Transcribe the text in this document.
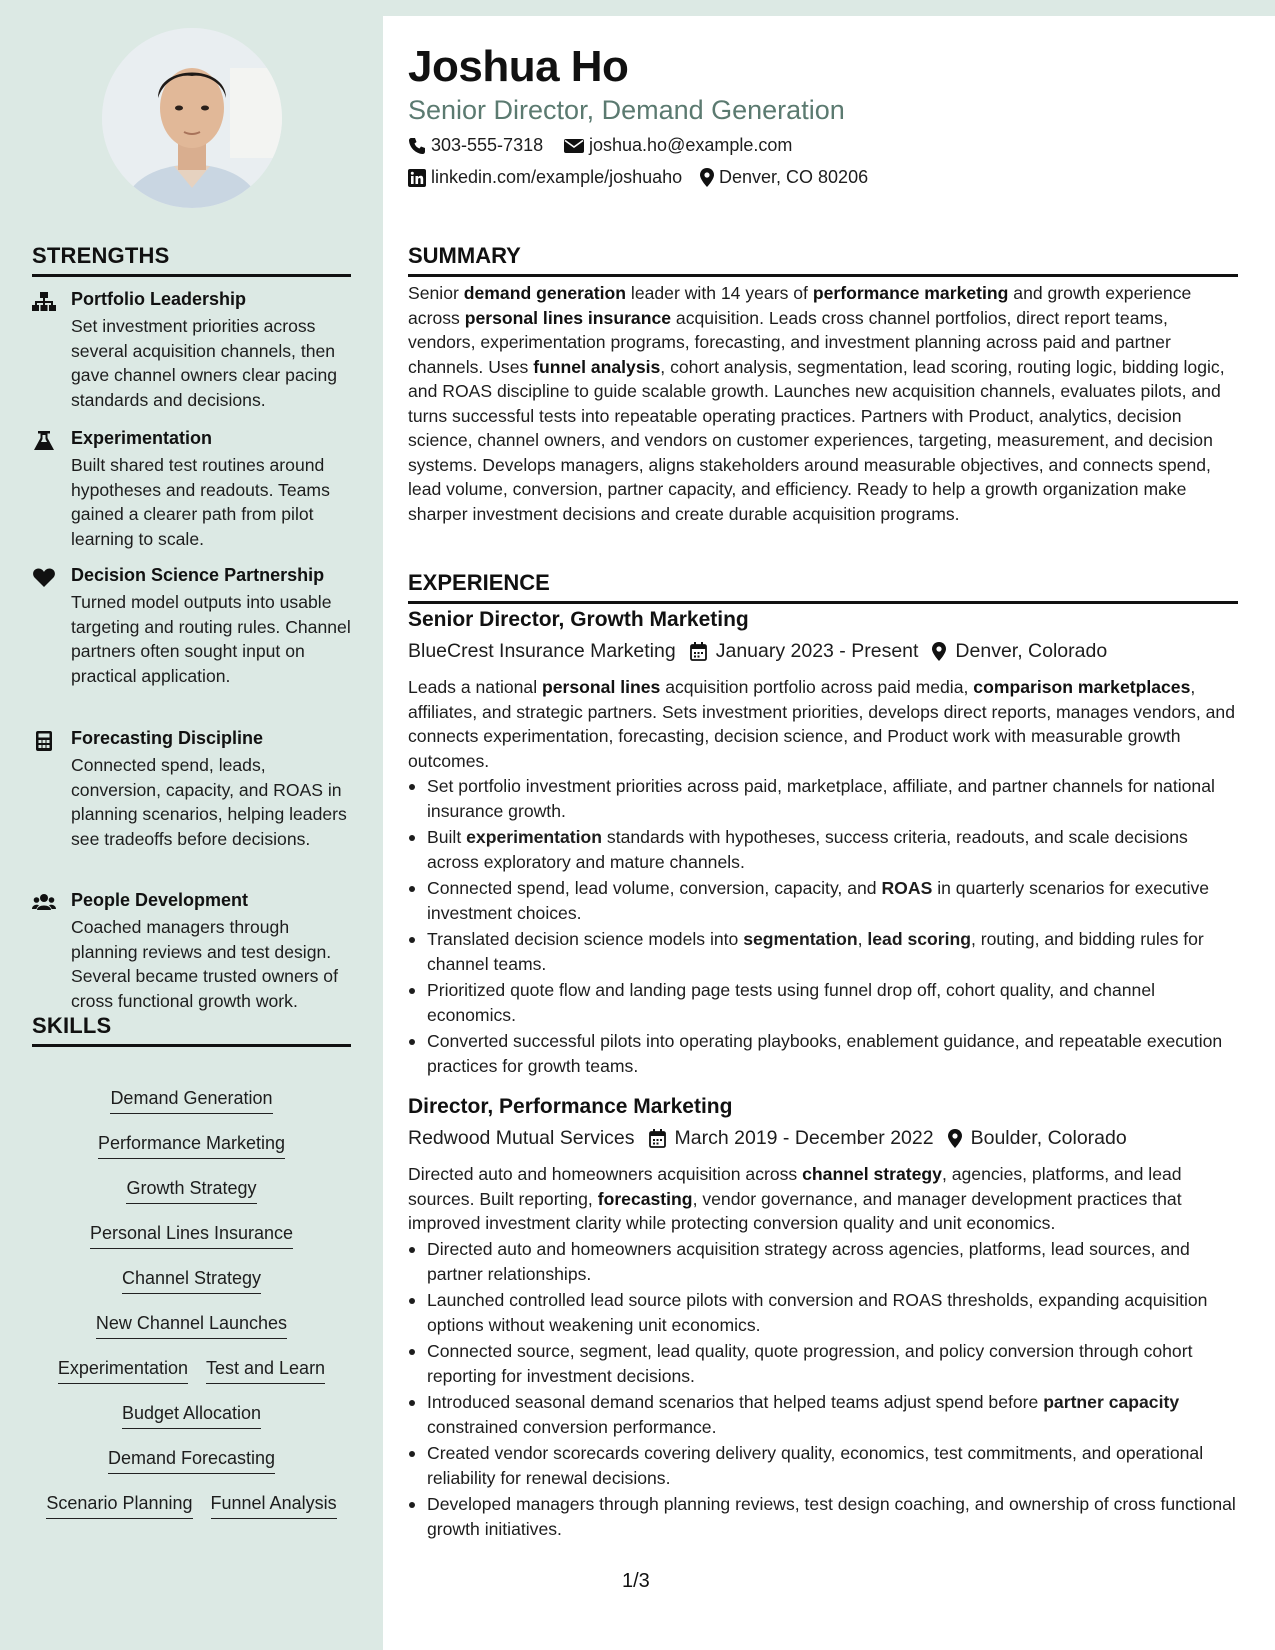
STRENGTHS
Portfolio Leadership
Set investment priorities across several acquisition channels, then gave channel owners clear pacing standards and decisions.
Experimentation
Built shared test routines around hypotheses and readouts. Teams gained a clearer path from pilot learning to scale.
Decision Science Partnership
Turned model outputs into usable targeting and routing rules. Channel partners often sought input on practical application.
Forecasting Discipline
Connected spend, leads, conversion, capacity, and ROAS in planning scenarios, helping leaders see tradeoffs before decisions.
People Development
Coached managers through planning reviews and test design. Several became trusted owners of cross functional growth work.
SKILLS
Demand Generation
Performance Marketing
Growth Strategy
Personal Lines Insurance
Channel Strategy
New Channel Launches
Experimentation Test and Learn
Budget Allocation
Demand Forecasting
Scenario Planning Funnel Analysis
Joshua Ho
Senior Director, Demand Generation
303-555-7318	joshua.ho@example.com
linkedin.com/example/joshuaho Denver, CO 80206
SUMMARY
Senior demand generation leader with 14 years of performance marketing and growth experience across personal lines insurance acquisition. Leads cross channel portfolios, direct report teams, vendors, experimentation programs, forecasting, and investment planning across paid and partner channels. Uses funnel analysis, cohort analysis, segmentation, lead scoring, routing logic, bidding logic, and ROAS discipline to guide scalable growth. Launches new acquisition channels, evaluates pilots, and turns successful tests into repeatable operating practices. Partners with Product, analytics, decision science, channel owners, and vendors on customer experiences, targeting, measurement, and decision systems. Develops managers, aligns stakeholders around measurable objectives, and connects spend, lead volume, conversion, partner capacity, and efficiency. Ready to help a growth organization make sharper investment decisions and create durable acquisition programs.
EXPERIENCE
Senior Director, Growth Marketing
BlueCrest Insurance Marketing January 2023 - Present Denver, Colorado
Leads a national personal lines acquisition portfolio across paid media, comparison marketplaces, affiliates, and strategic partners. Sets investment priorities, develops direct reports, manages vendors, and connects experimentation, forecasting, decision science, and Product work with measurable growth outcomes.
Set portfolio investment priorities across paid, marketplace, affiliate, and partner channels for national insurance growth.
Built experimentation standards with hypotheses, success criteria, readouts, and scale decisions across exploratory and mature channels.
Connected spend, lead volume, conversion, capacity, and ROAS in quarterly scenarios for executive investment choices.
Translated decision science models into segmentation, lead scoring, routing, and bidding rules for channel teams.
Prioritized quote flow and landing page tests using funnel drop off, cohort quality, and channel economics.
Converted successful pilots into operating playbooks, enablement guidance, and repeatable execution practices for growth teams.
Director, Performance Marketing
Redwood Mutual Services March 2019 - December 2022 Boulder, Colorado
Directed auto and homeowners acquisition across channel strategy, agencies, platforms, and lead sources. Built reporting, forecasting, vendor governance, and manager development practices that improved investment clarity while protecting conversion quality and unit economics.
Directed auto and homeowners acquisition strategy across agencies, platforms, lead sources, and partner relationships.
Launched controlled lead source pilots with conversion and ROAS thresholds, expanding acquisition options without weakening unit economics.
Connected source, segment, lead quality, quote progression, and policy conversion through cohort reporting for investment decisions.
Introduced seasonal demand scenarios that helped teams adjust spend before partner capacity constrained conversion performance.
Created vendor scorecards covering delivery quality, economics, test commitments, and operational reliability for renewal decisions.
Developed managers through planning reviews, test design coaching, and ownership of cross functional growth initiatives.
1/3
